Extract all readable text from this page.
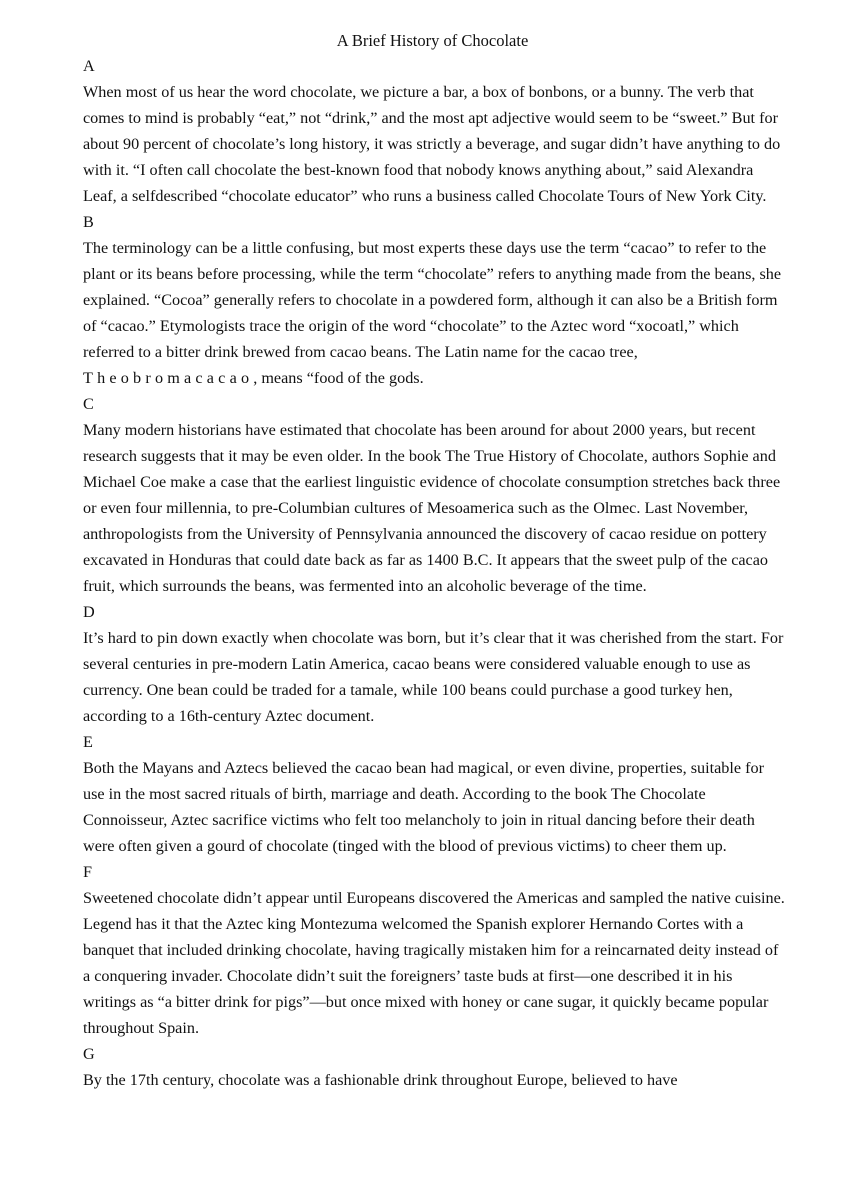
A Brief History of Chocolate
A

When most of us hear the word chocolate, we picture a bar, a box of bonbons, or a bunny. The verb that comes to mind is probably “eat,” not “drink,” and the most apt adjective would seem to be “sweet.” But for about 90 percent of chocolate’s long history, it was strictly a beverage, and sugar didn’t have anything to do with it. “I often call chocolate the best-known food that nobody knows anything about,” said Alexandra Leaf, a selfdescribed “chocolate educator” who runs a business called Chocolate Tours of New York City.

B

The terminology can be a little confusing, but most experts these days use the term “cacao” to refer to the plant or its beans before processing, while the term “chocolate” refers to anything made from the beans, she explained. “Cocoa” generally refers to chocolate in a powdered form, although it can also be a British form of “cacao.” Etymologists trace the origin of the word “chocolate” to the Aztec word “xocoatl,” which referred to a bitter drink brewed from cacao beans. The Latin name for the cacao tree, Theobromacacao, means “food of the gods.

C

Many modern historians have estimated that chocolate has been around for about 2000 years, but recent research suggests that it may be even older. In the book The True History of Chocolate, authors Sophie and Michael Coe make a case that the earliest linguistic evidence of chocolate consumption stretches back three or even four millennia, to pre-Columbian cultures of Mesoamerica such as the Olmec. Last November, anthropologists from the University of Pennsylvania announced the discovery of cacao residue on pottery excavated in Honduras that could date back as far as 1400 B.C. It appears that the sweet pulp of the cacao fruit, which surrounds the beans, was fermented into an alcoholic beverage of the time.

D

It’s hard to pin down exactly when chocolate was born, but it’s clear that it was cherished from the start. For several centuries in pre-modern Latin America, cacao beans were considered valuable enough to use as currency. One bean could be traded for a tamale, while 100 beans could purchase a good turkey hen, according to a 16th-century Aztec document.

E

Both the Mayans and Aztecs believed the cacao bean had magical, or even divine, properties, suitable for use in the most sacred rituals of birth, marriage and death. According to the book The Chocolate Connoisseur, Aztec sacrifice victims who felt too melancholy to join in ritual dancing before their death were often given a gourd of chocolate (tinged with the blood of previous victims) to cheer them up.

F

Sweetened chocolate didn’t appear until Europeans discovered the Americas and sampled the native cuisine. Legend has it that the Aztec king Montezuma welcomed the Spanish explorer Hernando Cortes with a banquet that included drinking chocolate, having tragically mistaken him for a reincarnated deity instead of a conquering invader. Chocolate didn’t suit the foreigners’ taste buds at first—one described it in his writings as “a bitter drink for pigs”—but once mixed with honey or cane sugar, it quickly became popular throughout Spain.

G

By the 17th century, chocolate was a fashionable drink throughout Europe, believed to have
